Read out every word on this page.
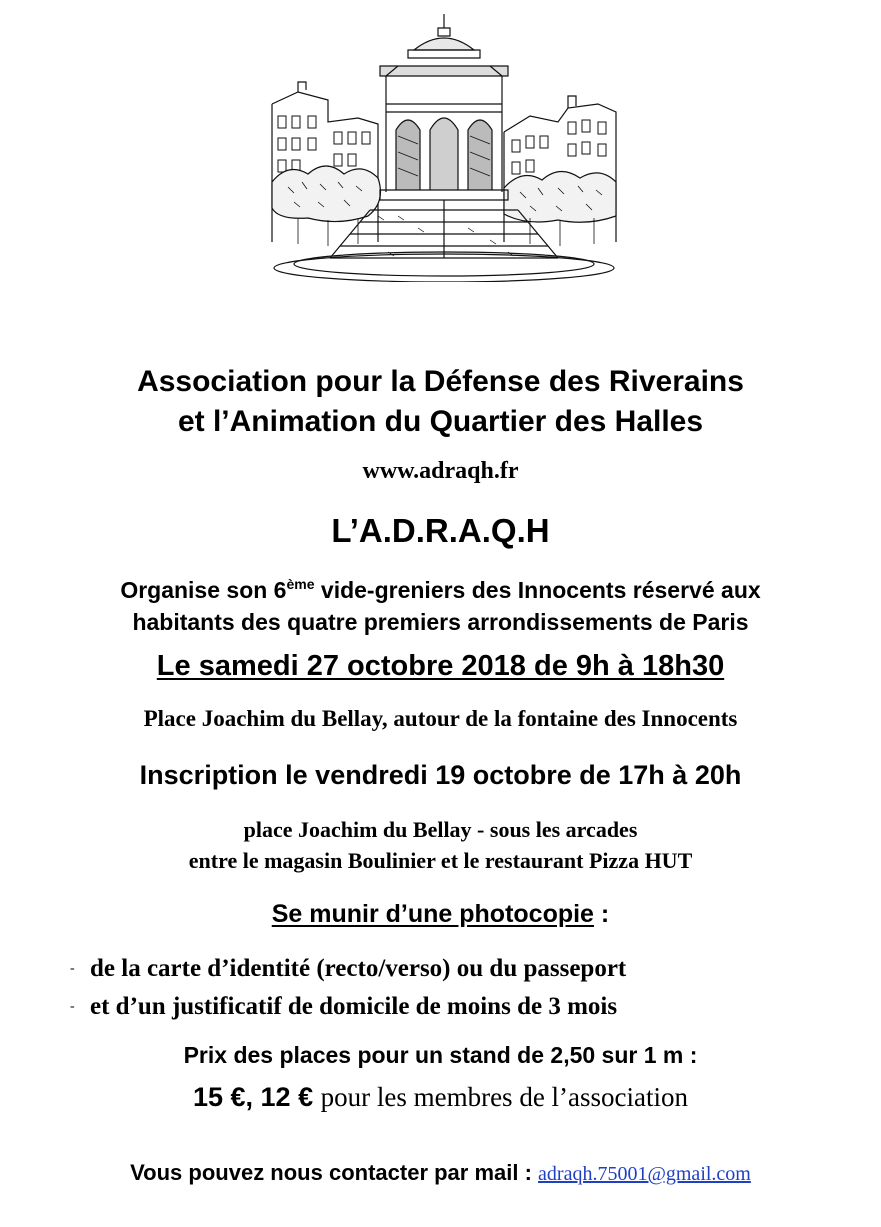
Association pour la Défense des Riverains
et l’Animation du Quartier des Halles
www.adraqh.fr
L’A.D.R.A.Q.H
Organise son 6ème vide-greniers des Innocents réservé aux
habitants des quatre premiers arrondissements de Paris
Le samedi 27 octobre 2018 de 9h à 18h30
Place Joachim du Bellay, autour de la fontaine des Innocents
Inscription le vendredi 19 octobre de 17h à 20h
place Joachim du Bellay - sous les arcades
entre le magasin Boulinier et le restaurant Pizza HUT
Se munir d’une photocopie :
- de la carte d’identité (recto/verso) ou du passeport
- et d’un justificatif de domicile de moins de 3 mois
Prix des places pour un stand de 2,50 sur 1 m :
15 €, 12 € pour les membres de l’association
Vous pouvez nous contacter par mail : adraqh.75001@gmail.com
